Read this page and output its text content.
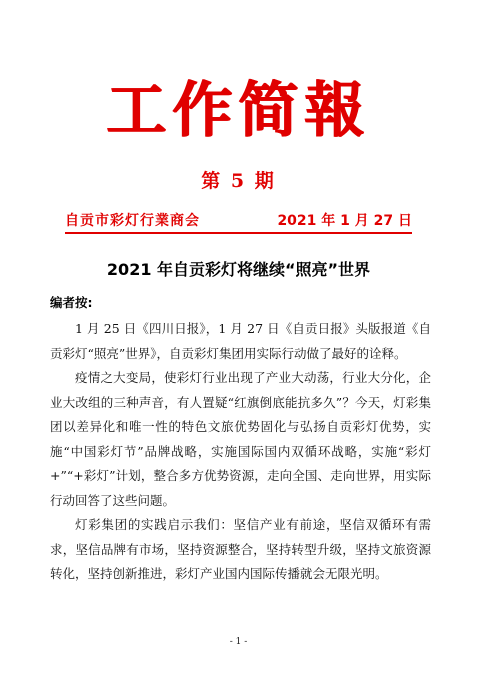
工作简報
第 5 期
自贡市彩灯行業商会	2021 年 1 月 27 日
2021 年自贡彩灯将继续“照亮”世界
编者按:

1 月 25 日《四川日报》，1 月 27 日《自贡日报》头版报道《自贡彩灯“照亮”世界》，自贡彩灯集团用实际行动做了最好的诠释。

疫情之大变局，使彩灯行业出现了产业大动荡，行业大分化，企业大改组的三种声音，有人置疑“红旗倒底能抗多久”？今天，灯彩集团以差异化和唯一性的特色文旅优势固化与弘扬自贡彩灯优势，实施“中国彩灯节”品牌战略，实施国际国内双循环战略，实施“彩灯+”“+彩灯”计划，整合多方优势资源，走向全国、走向世界，用实际行动回答了这些问题。

灯彩集团的实践启示我们：坚信产业有前途，坚信双循环有需求，坚信品牌有市场，坚持资源整合，坚持转型升级，坚持文旅资源转化，坚持创新推进，彩灯产业国内国际传播就会无限光明。

- 1 -
